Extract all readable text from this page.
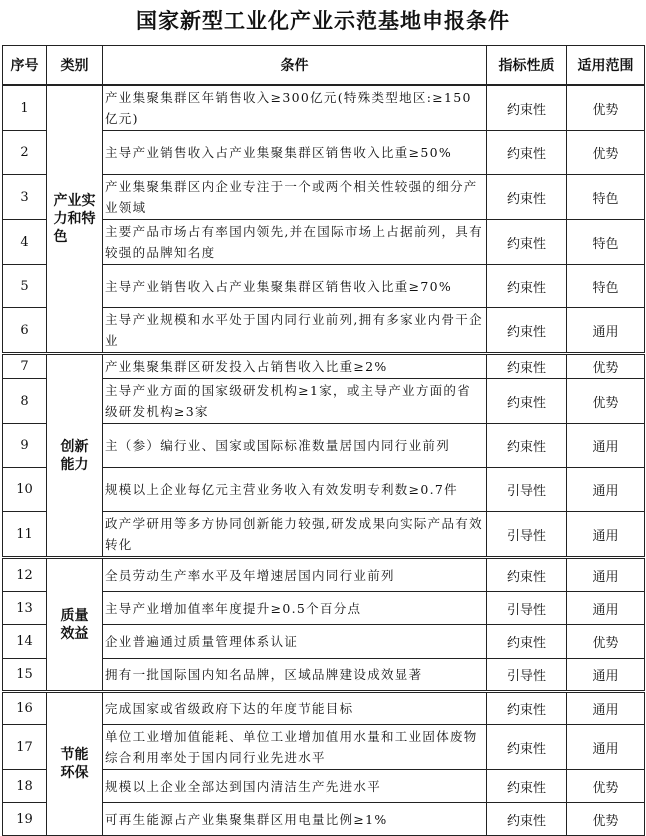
国家新型工业化产业示范基地申报条件
序号	类别	条件	指标性质	适用范围
1	产业实力和特色	产业集聚集群区年销售收入≥300亿元(特殊类型地区:≥150 亿元)	约束性	优势
2		主导产业销售收入占产业集聚集群区销售收入比重≥50%	约束性	优势
3		产业集聚集群区内企业专注于一个或两个相关性较强的细分产业领域	约束性	特色
4		主要产品市场占有率国内领先,并在国际市场上占据前列，具有较强的品牌知名度	约束性	特色
5		主导产业销售收入占产业集聚集群区销售收入比重≥70%	约束性	特色
6		主导产业规模和水平处于国内同行业前列,拥有多家业内骨干企业	约束性	通用
7	创新能力	产业集聚集群区研发投入占销售收入比重≥2%	约束性	优势
8		主导产业方面的国家级研发机构≥1家，或主导产业方面的省级研发机构≥3家	约束性	优势
9		主（参）编行业、国家或国际标准数量居国内同行业前列	约束性	通用
10		规模以上企业每亿元主营业务收入有效发明专利数≥0.7件	引导性	通用
11		政产学研用等多方协同创新能力较强,研发成果向实际产品有效转化	引导性	通用
12	质量效益	全员劳动生产率水平及年增速居国内同行业前列	约束性	通用
13		主导产业增加值率年度提升≥0.5个百分点	引导性	通用
14		企业普遍通过质量管理体系认证	约束性	优势
15		拥有一批国际国内知名品牌，区域品牌建设成效显著	引导性	通用
16	节能环保	完成国家或省级政府下达的年度节能目标	约束性	通用
17		单位工业增加值能耗、单位工业增加值用水量和工业固体废物综合利用率处于国内同行业先进水平	约束性	通用
18		规模以上企业全部达到国内清洁生产先进水平	约束性	优势
19		可再生能源占产业集聚集群区用电量比例≥1%	约束性	优势
